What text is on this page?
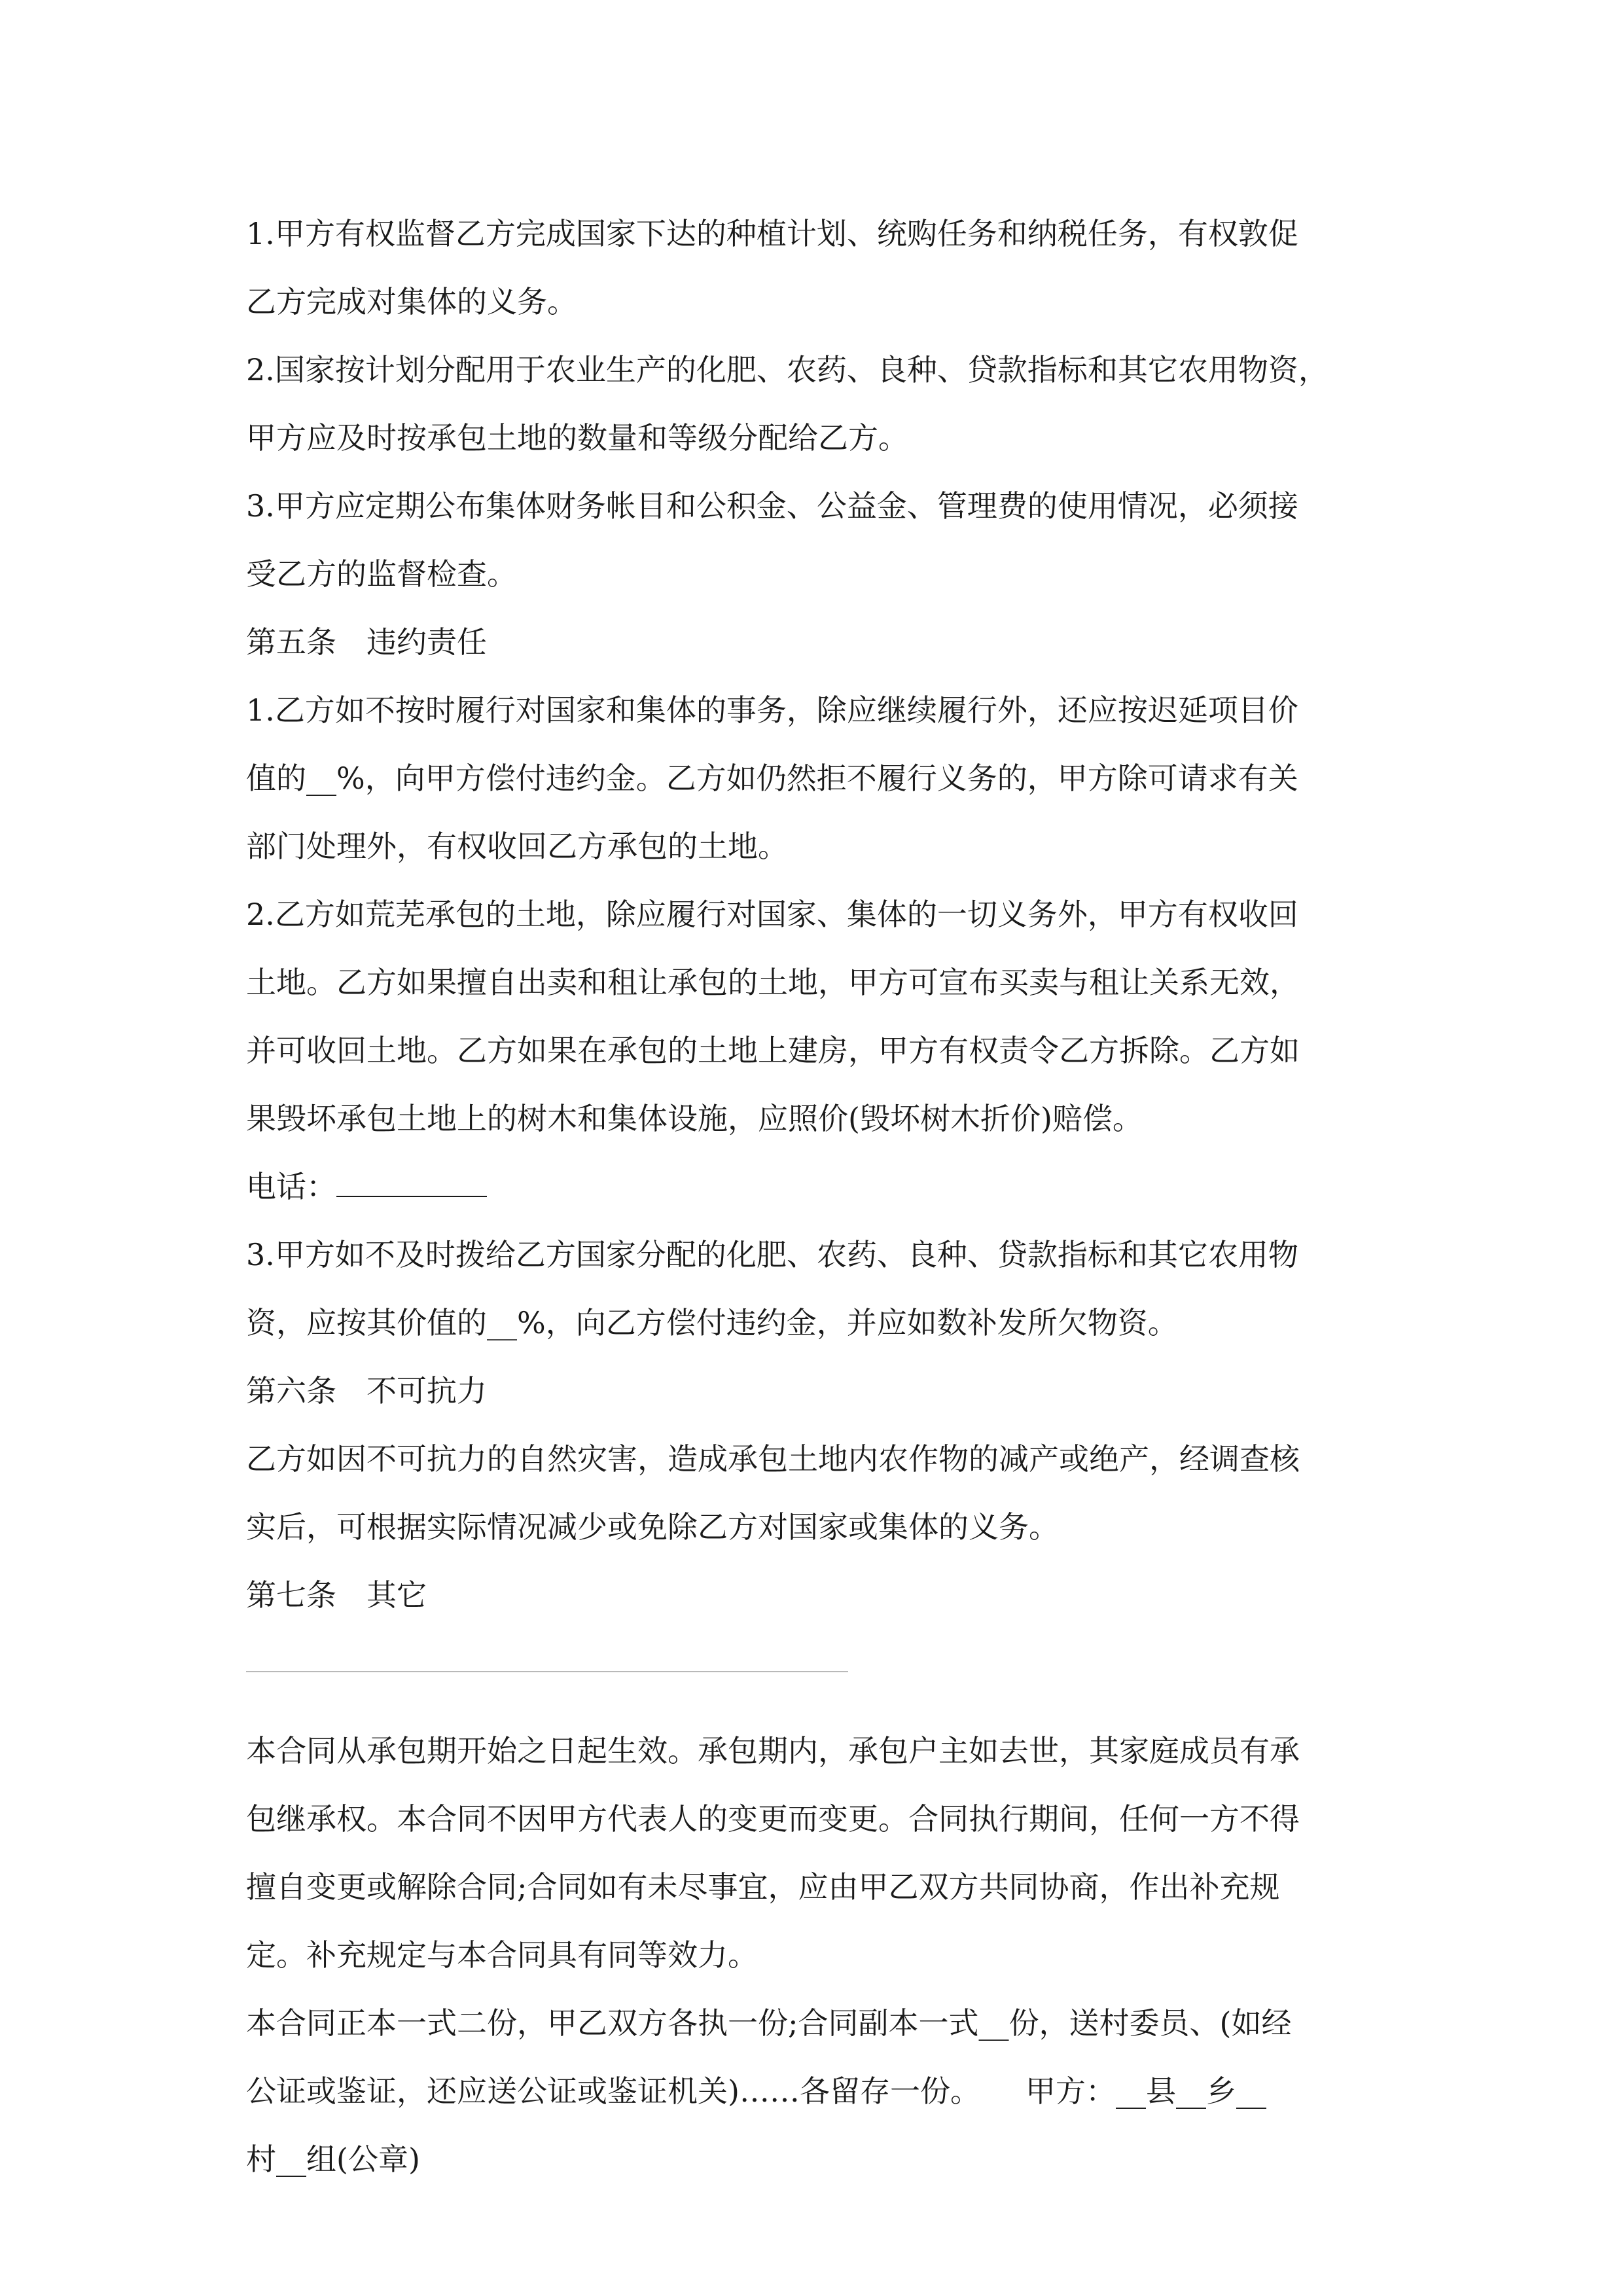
1.甲方有权监督乙方完成国家下达的种植计划、统购任务和纳税任务，有权敦促

乙方完成对集体的义务。

2.国家按计划分配用于农业生产的化肥、农药、良种、贷款指标和其它农用物资，

甲方应及时按承包土地的数量和等级分配给乙方。

3.甲方应定期公布集体财务帐目和公积金、公益金、管理费的使用情况，必须接

受乙方的监督检查。

第五条　违约责任

1.乙方如不按时履行对国家和集体的事务，除应继续履行外，还应按迟延项目价

值的__%，向甲方偿付违约金。乙方如仍然拒不履行义务的，甲方除可请求有关

部门处理外，有权收回乙方承包的土地。

2.乙方如荒芜承包的土地，除应履行对国家、集体的一切义务外，甲方有权收回

土地。乙方如果擅自出卖和租让承包的土地，甲方可宣布买卖与租让关系无效，

并可收回土地。乙方如果在承包的土地上建房，甲方有权责令乙方拆除。乙方如

果毁坏承包土地上的树木和集体设施，应照价(毁坏树木折价)赔偿。

电话：

3.甲方如不及时拨给乙方国家分配的化肥、农药、良种、贷款指标和其它农用物

资，应按其价值的__%，向乙方偿付违约金，并应如数补发所欠物资。

第六条　不可抗力

乙方如因不可抗力的自然灾害，造成承包土地内农作物的减产或绝产，经调查核

实后，可根据实际情况减少或免除乙方对国家或集体的义务。

第七条　其它

本合同从承包期开始之日起生效。承包期内，承包户主如去世，其家庭成员有承

包继承权。本合同不因甲方代表人的变更而变更。合同执行期间，任何一方不得

擅自变更或解除合同;合同如有未尽事宜，应由甲乙双方共同协商，作出补充规

定。补充规定与本合同具有同等效力。

本合同正本一式二份，甲乙双方各执一份;合同副本一式__份，送村委员、(如经

公证或鉴证，还应送公证或鉴证机关)……各留存一份。　　甲方：__县__乡__

村__组(公章)
